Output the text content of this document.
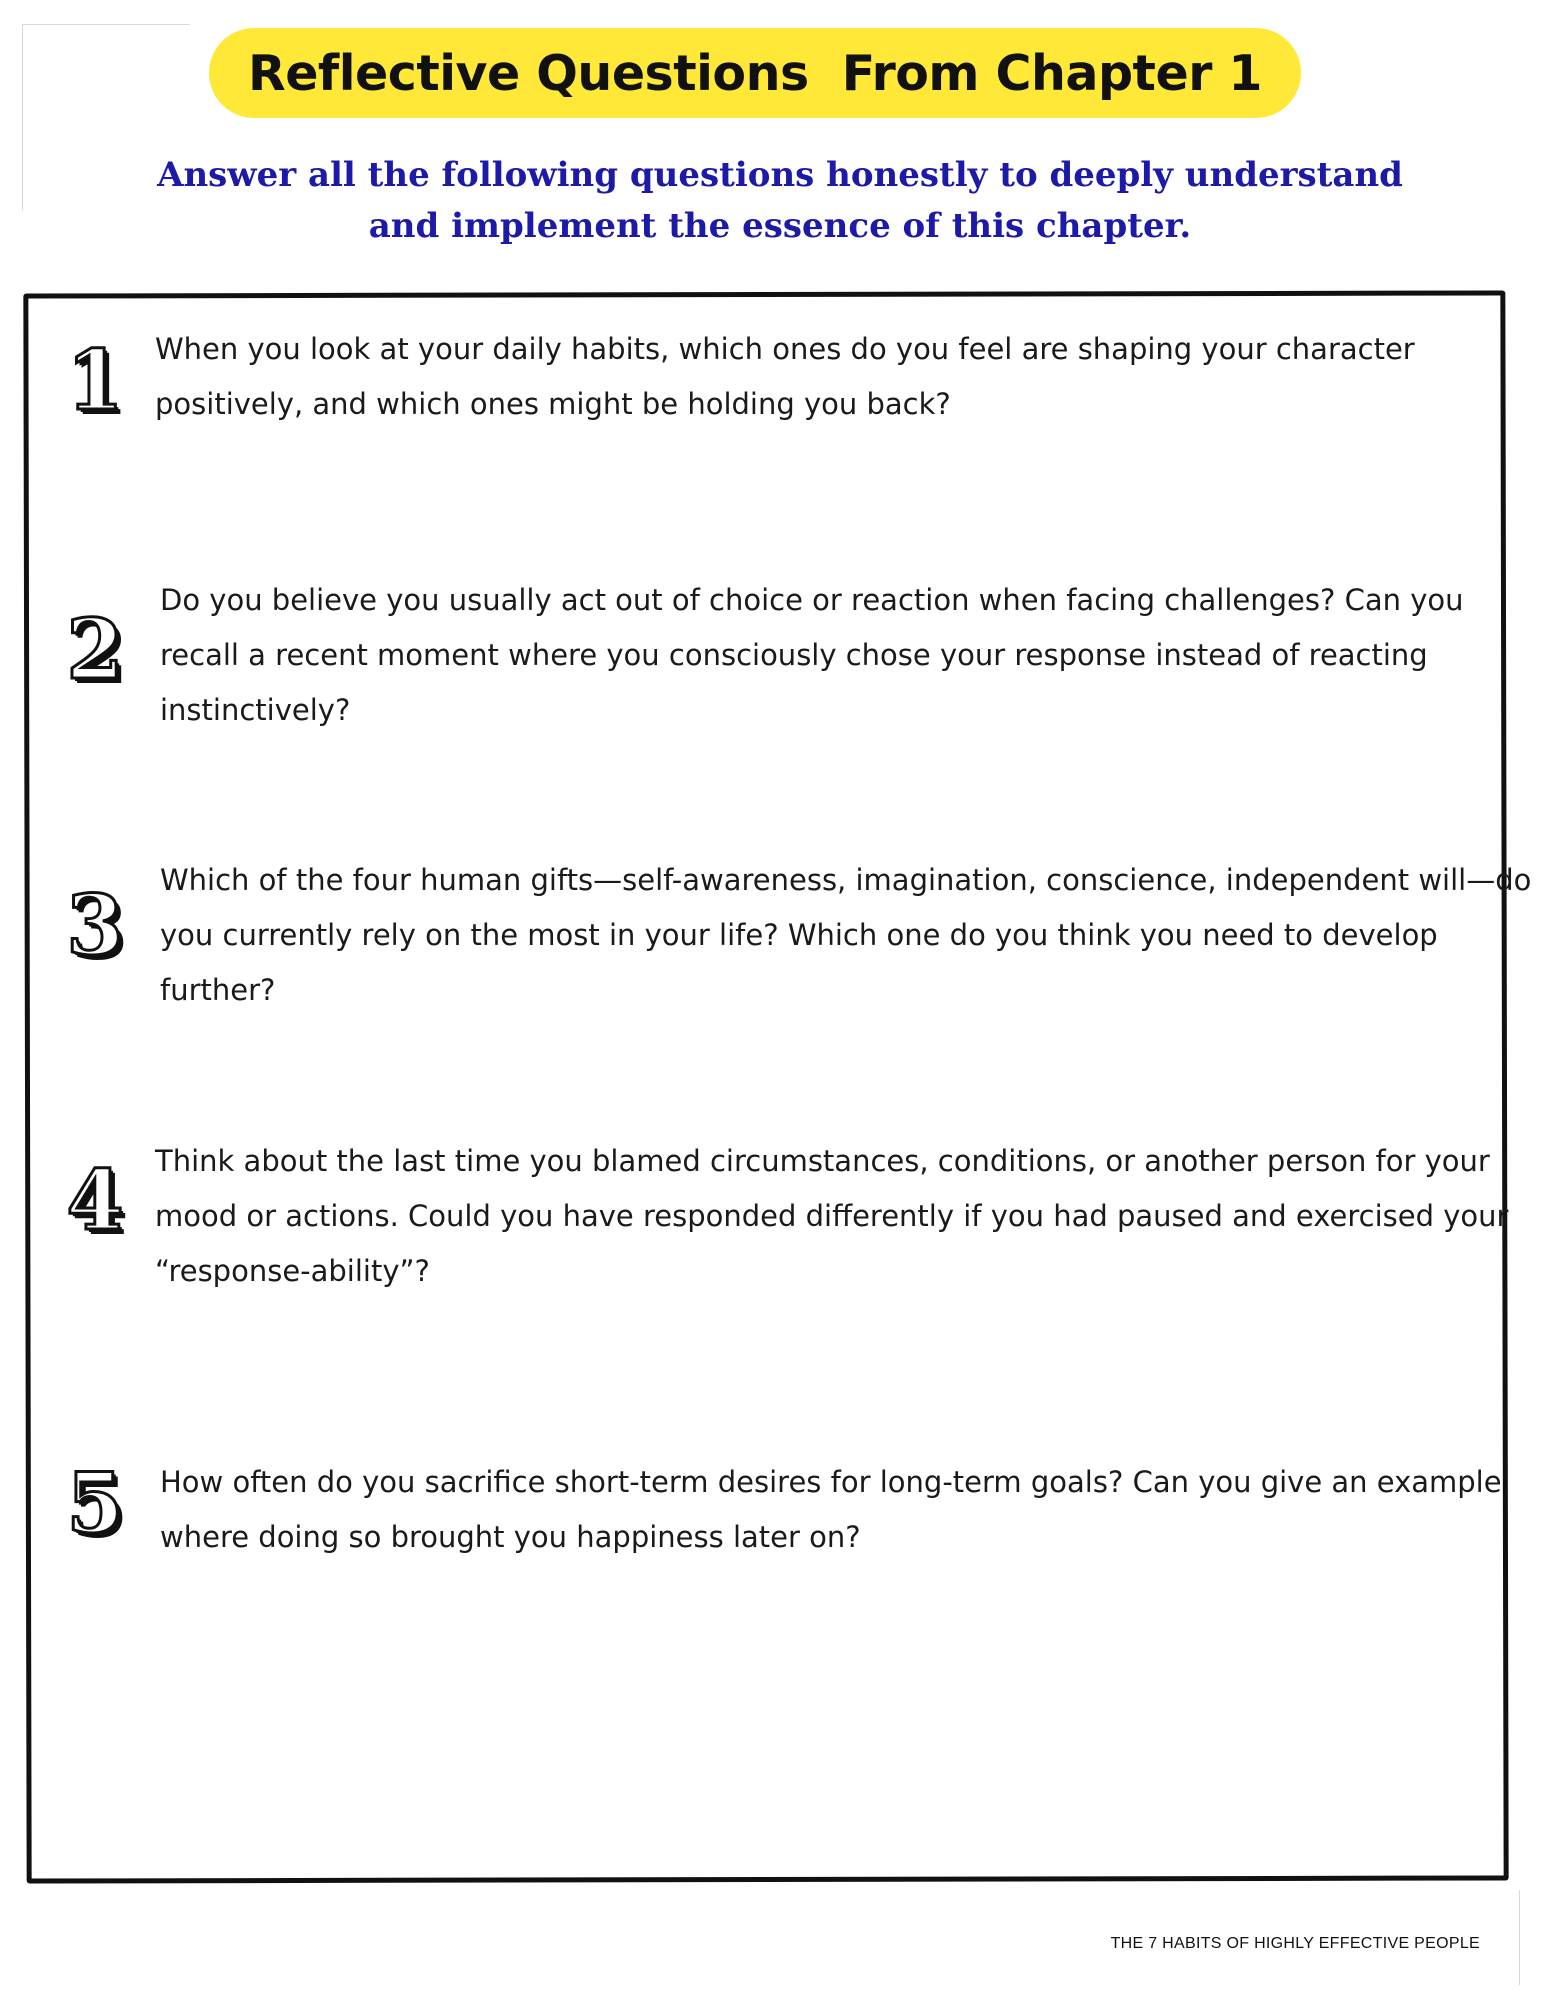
Reflective Questions  From Chapter 1
Answer all the following questions honestly to deeply understand and implement the essence of this chapter.
1	When you look at your daily habits, which ones do you feel are shaping your character positively, and which ones might be holding you back?
2
Do you believe you usually act out of choice or reaction when facing challenges? Can you recall a recent moment where you consciously chose your response instead of reacting instinctively?
3	Which of the four human gifts—self-awareness, imagination, conscience, independent will—do you currently rely on the most in your life? Which one do you think you need to develop further?
4	Think about the last time you blamed circumstances, conditions, or another person for your mood or actions. Could you have responded differently if you had paused and exercised your “response-ability”?
5	How often do you sacrifice short-term desires for long-term goals? Can you give an example where doing so brought you happiness later on?
THE 7 HABITS OF HIGHLY EFFECTIVE PEOPLE
